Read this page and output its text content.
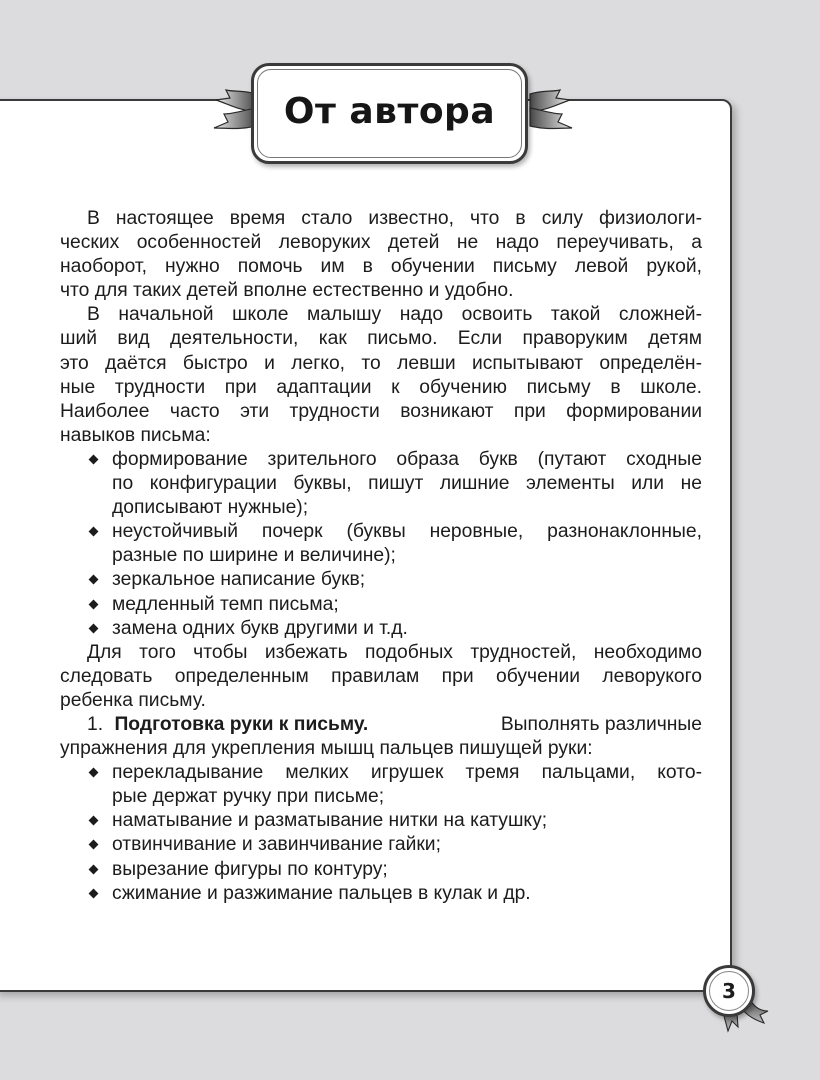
От автора
В настоящее время стало известно, что в силу физиологи-
ческих особенностей леворуких детей не надо переучивать, а
наоборот, нужно помочь им в обучении письму левой рукой,
что для таких детей вполне естественно и удобно.
В начальной школе малышу надо освоить такой сложней-
ший вид деятельности, как письмо. Если праворуким детям
это даётся быстро и легко, то левши испытывают определён-
ные трудности при адаптации к обучению письму в школе.
Наиболее часто эти трудности возникают при формировании
навыков письма:
формирование зрительного образа букв (путают сходные
по конфигурации буквы, пишут лишние элементы или не
дописывают нужные);
неустойчивый почерк (буквы неровные, разнонаклонные,
разные по ширине и величине);
зеркальное написание букв;
медленный темп письма;
замена одних букв другими и т.д.
Для того чтобы избежать подобных трудностей, необходимо
следовать определенным правилам при обучении леворукого
ребенка письму.
1. Подготовка руки к письму.	Выполнять различные
упражнения для укрепления мышц пальцев пишущей руки:
перекладывание мелких игрушек тремя пальцами, кото-
рые держат ручку при письме;
наматывание и разматывание нитки на катушку;
отвинчивание и завинчивание гайки;
вырезание фигуры по контуру;
сжимание и разжимание пальцев в кулак и др.
3
